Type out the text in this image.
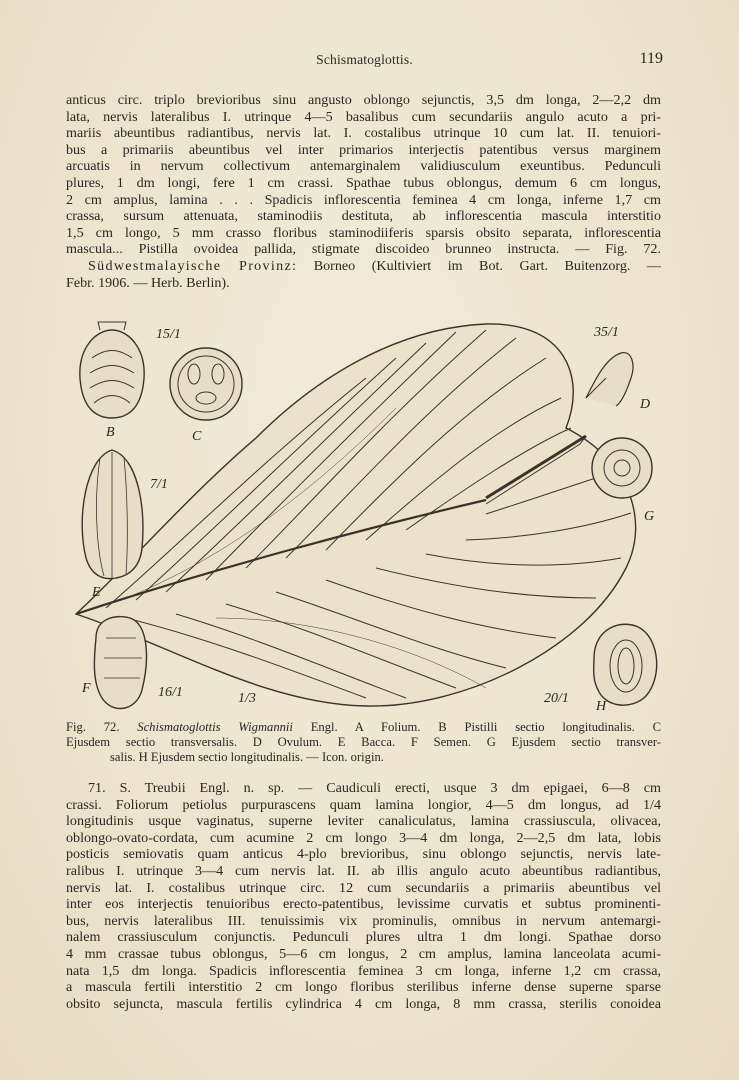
Schismatoglottis.	119
anticus circ. triplo brevioribus sinu angusto oblongo sejunctis, 3,5 dm longa, 2—2,2 dm
lata, nervis lateralibus I. utrinque 4—5 basalibus cum secundariis angulo acuto a pri-
mariis abeuntibus radiantibus, nervis lat. I. costalibus utrinque 10 cum lat. II. tenuiori-
bus a primariis abeuntibus vel inter primarios interjectis patentibus versus marginem
arcuatis in nervum collectivum antemarginalem validiusculum exeuntibus. Pedunculi
plures, 1 dm longi, fere 1 cm crassi. Spathae tubus oblongus, demum 6 cm longus,
2 cm amplus, lamina . . . Spadicis inflorescentia feminea 4 cm longa, inferne 1,7 cm
crassa, sursum attenuata, staminodiis destituta, ab inflorescentia mascula interstitio
1,5 cm longo, 5 mm crasso floribus staminodiiferis sparsis obsito separata, inflorescentia
mascula... Pistilla ovoidea pallida, stigmate discoideo brunneo instructa. — Fig. 72.
Südwestmalayische Provinz: Borneo (Kultiviert im Bot. Gart. Buitenzorg. —
Febr. 1906. — Herb. Berlin).
B	C
D
E
F
G
H
15/1	35/1
7/1
16/1	1/3	20/1
Fig. 72. Schismatoglottis Wigmannii Engl. A Folium. B Pistilli sectio longitudinalis. C
Ejusdem sectio transversalis. D Ovulum. E Bacca. F Semen. G Ejusdem sectio transver-
salis. H Ejusdem sectio longitudinalis. — Icon. origin.
71. S. Treubii Engl. n. sp. — Caudiculi erecti, usque 3 dm epigaei, 6—8 cm
crassi. Foliorum petiolus purpurascens quam lamina longior, 4—5 dm longus, ad 1/4
longitudinis usque vaginatus, superne leviter canaliculatus, lamina crassiuscula, olivacea,
oblongo-ovato-cordata, cum acumine 2 cm longo 3—4 dm longa, 2—2,5 dm lata, lobis
posticis semiovatis quam anticus 4-plo brevioribus, sinu oblongo sejunctis, nervis late-
ralibus I. utrinque 3—4 cum nervis lat. II. ab illis angulo acuto abeuntibus radiantibus,
nervis lat. I. costalibus utrinque circ. 12 cum secundariis a primariis abeuntibus vel
inter eos interjectis tenuioribus erecto-patentibus, levissime curvatis et subtus prominenti-
bus, nervis lateralibus III. tenuissimis vix prominulis, omnibus in nervum antemargi-
nalem crassiusculum conjunctis. Pedunculi plures ultra 1 dm longi. Spathae dorso
4 mm crassae tubus oblongus, 5—6 cm longus, 2 cm amplus, lamina lanceolata acumi-
nata 1,5 dm longa. Spadicis inflorescentia feminea 3 cm longa, inferne 1,2 cm crassa,
a mascula fertili interstitio 2 cm longo floribus sterilibus inferne dense superne sparse
obsito sejuncta, mascula fertilis cylindrica 4 cm longa, 8 mm crassa, sterilis conoidea
